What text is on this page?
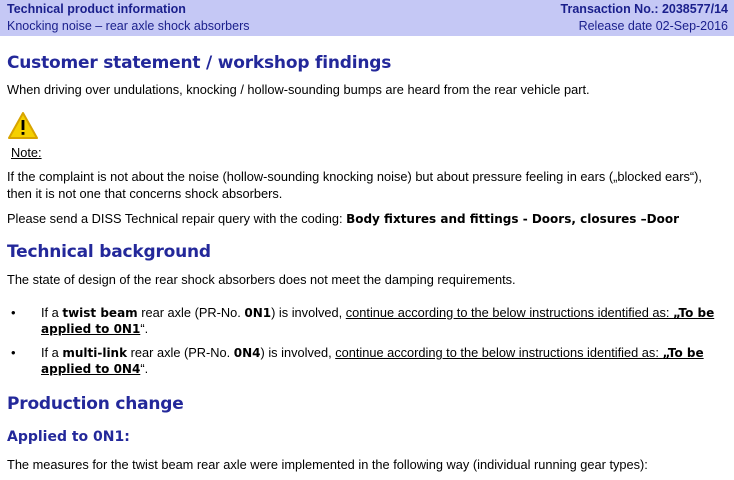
Technical product information	Transaction No.: 2038577/14
Knocking noise – rear axle shock absorbers	Release date 02-Sep-2016
Customer statement / workshop findings

When driving over undulations, knocking / hollow-sounding bumps are heard from the rear vehicle part.

Note:

If the complaint is not about the noise (hollow-sounding knocking noise) but about pressure feeling in ears („blocked ears“), then it is not one that concerns shock absorbers.

Please send a DISS Technical repair query with the coding: Body fixtures and fittings - Doors, closures –Door

Technical background

The state of design of the rear shock absorbers does not meet the damping requirements.

• If a twist beam rear axle (PR-No. 0N1) is involved, continue according to the below instructions identified as: „To be applied to 0N1“.

• If a multi-link rear axle (PR-No. 0N4) is involved, continue according to the below instructions identified as: „To be applied to 0N4“.

Production change
Applied to 0N1:

The measures for the twist beam rear axle were implemented in the following way (individual running gear types):
